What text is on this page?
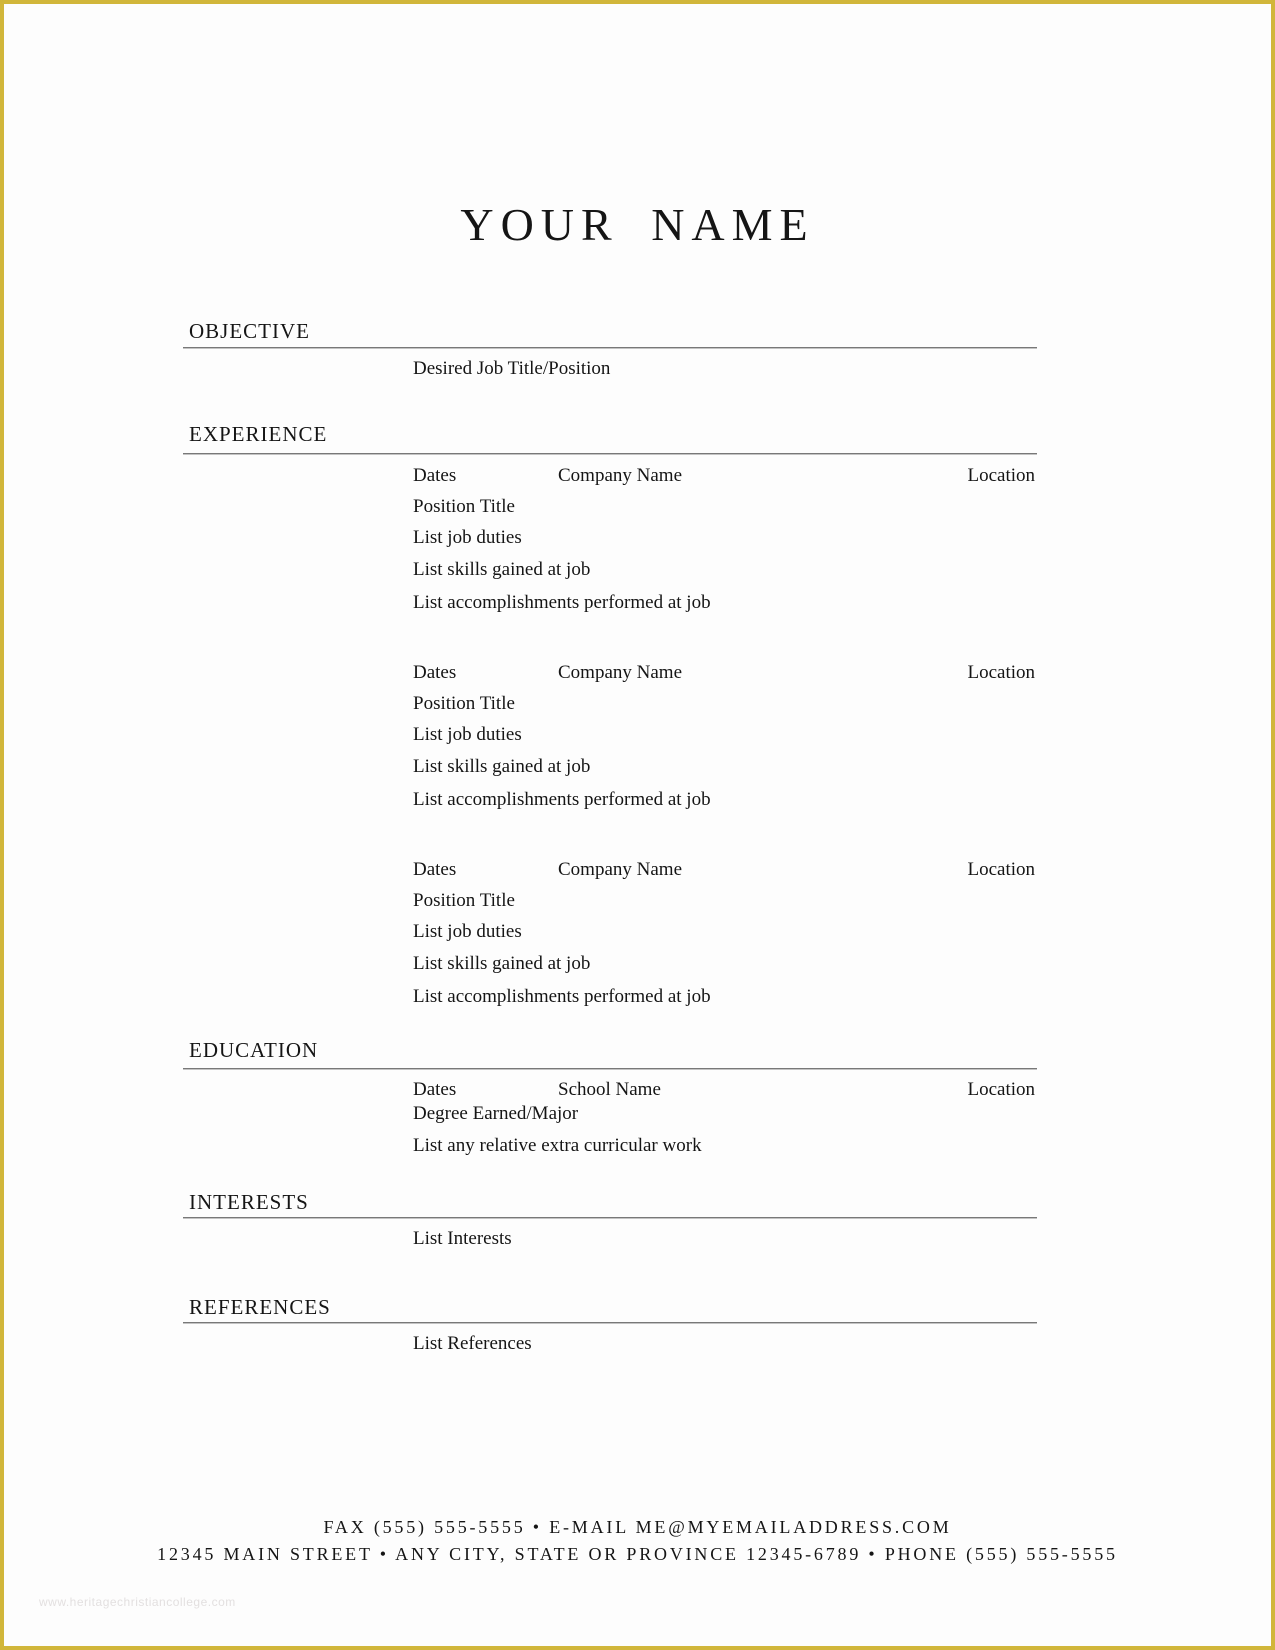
YOUR NAME
OBJECTIVE
Desired Job Title/Position
EXPERIENCE
Dates	Company Name	Location
Position Title
List job duties
List skills gained at job
List accomplishments performed at job
Dates	Company Name	Location
Position Title
List job duties
List skills gained at job
List accomplishments performed at job
Dates	Company Name	Location
Position Title
List job duties
List skills gained at job
List accomplishments performed at job
EDUCATION
Dates	School Name	Location
Degree Earned/Major
List any relative extra curricular work
INTERESTS
List Interests
REFERENCES
List References
FAX (555) 555-5555 • E-MAIL ME@MYEMAILADDRESS.COM
12345 MAIN STREET • ANY CITY, STATE OR PROVINCE 12345-6789 • PHONE (555) 555-5555
www.heritagechristiancollege.com
